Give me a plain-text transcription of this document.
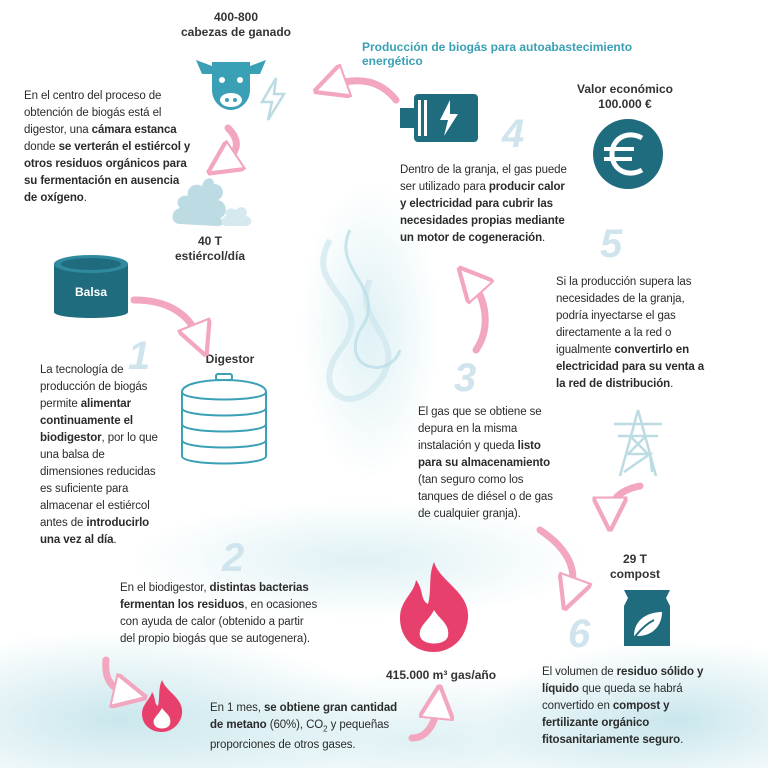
Producción de biogás para autoabastecimiento energético
400-800
cabezas de ganado
En el centro del proceso de obtención de biogás está el digestor, una cámara estanca donde se verterán el estiércol y otros residuos orgánicos para su fermentación en ausencia de oxígeno.
40 T
estiércol/día
Balsa
Digestor
1
La tecnología de producción de biogás permite alimentar continuamente el biodigestor, por lo que una balsa de dimensiones reducidas es suficiente para almacenar el estiércol antes de introducirlo una vez al día.	2
En el biodigestor, distintas bacterias fermentan los residuos, en ocasiones con ayuda de calor (obtenido a partir del propio biogás que se autogenera).
En 1 mes, se obtiene gran cantidad de metano (60%), $CO_2$ y pequeñas proporciones de otros gases.
415.000 m³ gas/año
3
El gas que se obtiene se depura en la misma instalación y queda listo para su almacenamiento (tan seguro como los tanques de diésel o de gas de cualquier granja).
4
Dentro de la granja, el gas puede ser utilizado para producir calor y electricidad para cubrir las necesidades propias mediante un motor de cogeneración.
Valor económico
100.000 €
5
Si la producción supera las necesidades de la granja, podría inyectarse el gas directamente a la red o igualmente convertirlo en electricidad para su venta a la red de distribución.
29 T
compost
6
El volumen de residuo sólido y líquido que queda se habrá convertido en compost y fertilizante orgánico fitosanitariamente seguro.
